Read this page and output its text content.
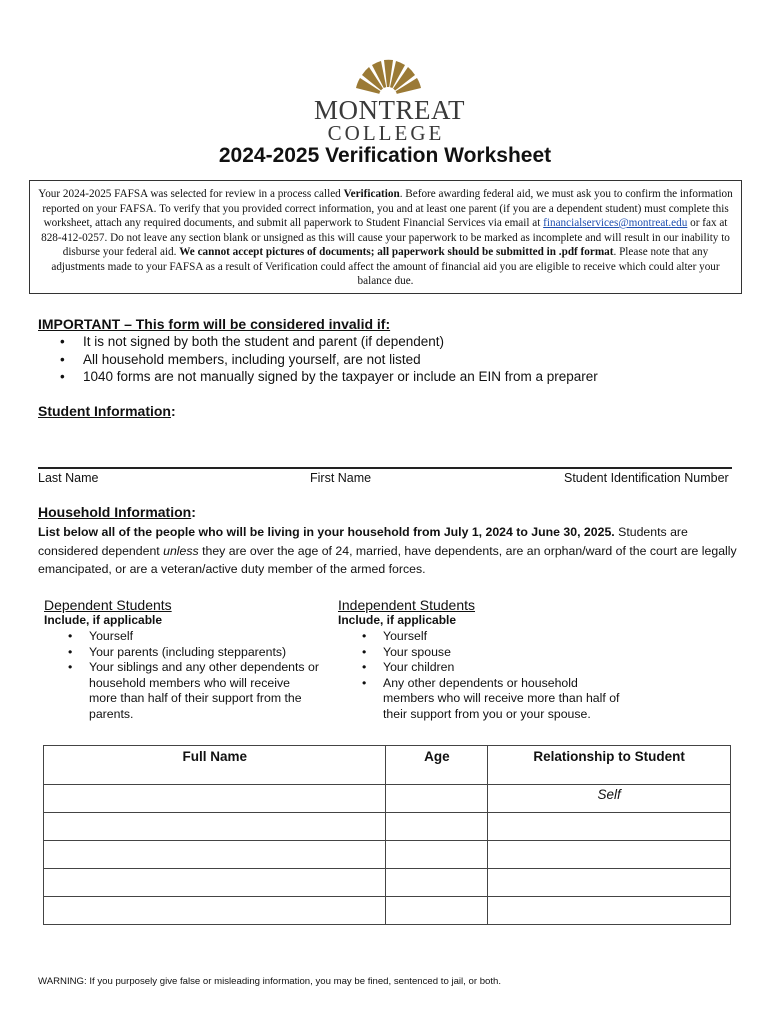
MONTREAT
COLLEGE
2024-2025 Verification Worksheet
Your 2024-2025 FAFSA was selected for review in a process called Verification. Before awarding federal aid, we must ask you to confirm the information reported on your FAFSA. To verify that you provided correct information, you and at least one parent (if you are a dependent student) must complete this worksheet, attach any required documents, and submit all paperwork to Student Financial Services via email at financialservices@montreat.edu or fax at 828-412-0257. Do not leave any section blank or unsigned as this will cause your paperwork to be marked as incomplete and will result in our inability to disburse your federal aid. We cannot accept pictures of documents; all paperwork should be submitted in .pdf format. Please note that any adjustments made to your FAFSA as a result of Verification could affect the amount of financial aid you are eligible to receive which could alter your balance due.
IMPORTANT – This form will be considered invalid if:
• It is not signed by both the student and parent (if dependent)
• All household members, including yourself, are not listed
• 1040 forms are not manually signed by the taxpayer or include an EIN from a preparer
Student Information:
Last Name	First Name	Student Identification Number
Household Information:
List below all of the people who will be living in your household from July 1, 2024 to June 30, 2025. Students are considered dependent unless they are over the age of 24, married, have dependents, are an orphan/ward of the court are legally emancipated, or are a veteran/active duty member of the armed forces.
Dependent Students
Include, if applicable
• Yourself
• Your parents (including stepparents)
• Your siblings and any other dependents or household members who will receive more than half of their support from the parents.
Independent Students
Include, if applicable
• Yourself
• Your spouse
• Your children
• Any other dependents or household members who will receive more than half of their support from you or your spouse.
Full Name	Age	Relationship to Student
		Self

WARNING: If you purposely give false or misleading information, you may be fined, sentenced to jail, or both.
